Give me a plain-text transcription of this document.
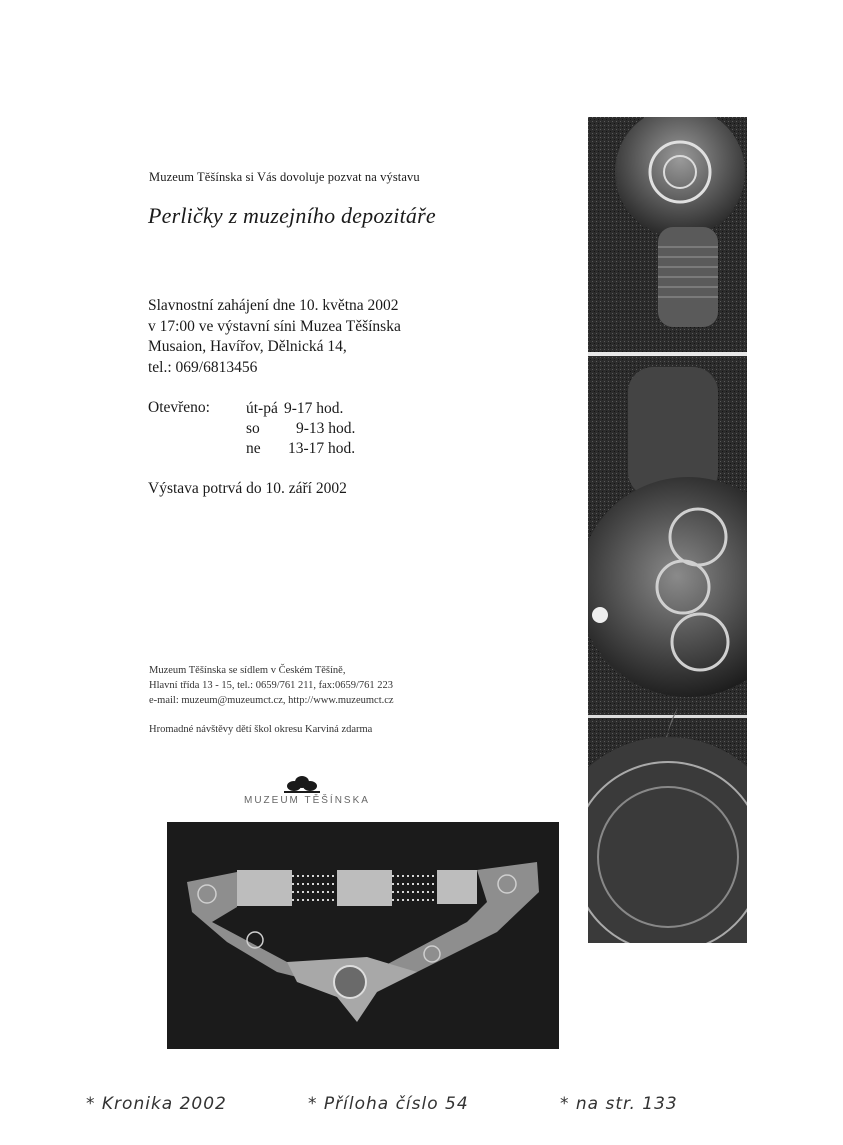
Muzeum Těšínska si Vás dovoluje pozvat na výstavu
Perličky z muzejního depozitáře
Slavnostní zahájení dne 10. května 2002
v 17:00 ve výstavní síni Muzea Těšínska
Musaion, Havířov, Dělnická 14,
tel.: 069/6813456
Otevřeno: út-pá 9-17 hod.
so 9-13 hod.
ne 13-17 hod.
Výstava potrvá do 10. září 2002
Muzeum Těšínska se sídlem v Českém Těšíně,
Hlavní třída 13 - 15, tel.: 0659/761 211, fax:0659/761 223
e-mail: muzeum@muzeumct.cz, http://www.muzeumct.cz
Hromadné návštěvy dětí škol okresu Karviná zdarma
MUZEUM TĚŠÍNSKA
* Kronika 2002	* Příloha číslo 54	* na str. 133
